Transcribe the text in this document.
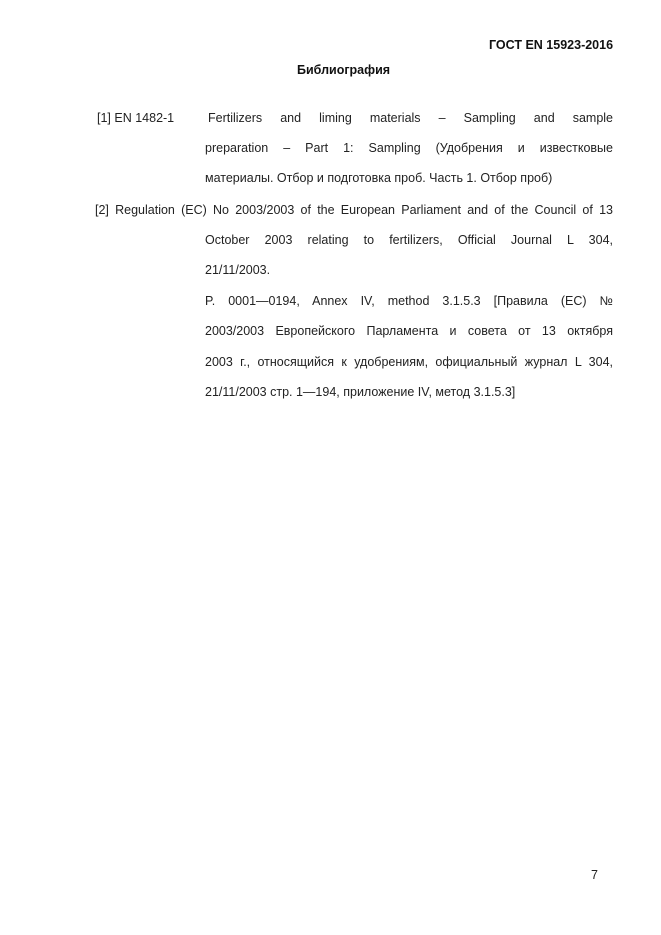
ГОСТ EN 15923-2016
Библиография
[1] EN 1482-1	Fertilizers and liming materials – Sampling and sample
preparation – Part 1: Sampling (Удобрения и известковые
материалы. Отбор и подготовка проб. Часть 1. Отбор проб)
[2] Regulation (EC) No 2003/2003 of the European Parliament and of the Council of 13
October 2003 relating to fertilizers, Official Journal L 304,
21/11/2003.
P. 0001—0194, Annex IV, method 3.1.5.3 [Правила (EC) №
2003/2003 Европейского Парламента и совета от 13 октября
2003 г., относящийся к удобрениям, официальный журнал L 304,
21/11/2003 стр. 1—194, приложение IV, метод 3.1.5.3]
7
